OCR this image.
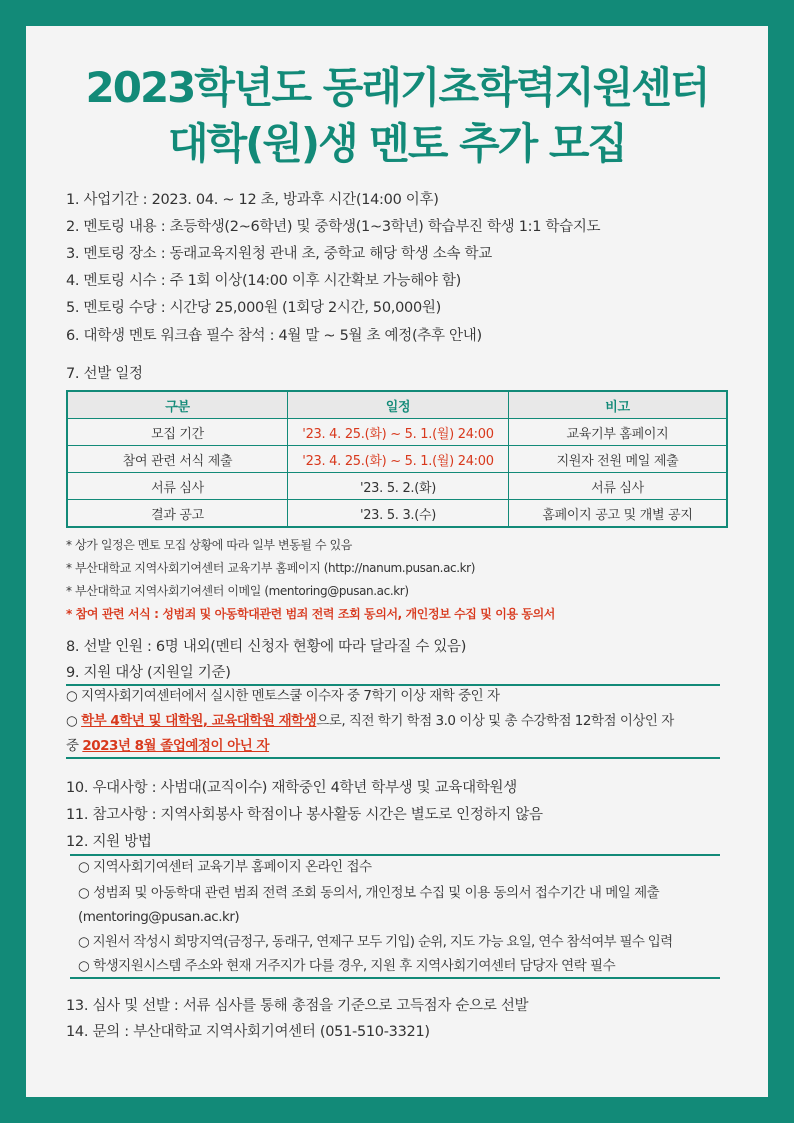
2023학년도 동래기초학력지원센터
대학(원)생 멘토 추가 모집
1. 사업기간 : 2023. 04. ~ 12 초, 방과후 시간(14:00 이후)
2. 멘토링 내용 : 초등학생(2~6학년) 및 중학생(1~3학년) 학습부진 학생 1:1 학습지도
3. 멘토링 장소 : 동래교육지원청 관내 초, 중학교 해당 학생 소속 학교
4. 멘토링 시수 : 주 1회 이상(14:00 이후 시간확보 가능해야 함)
5. 멘토링 수당 : 시간당 25,000원 (1회당 2시간, 50,000원)
6. 대학생 멘토 워크숍 필수 참석 : 4월 말 ~ 5월 초 예정(추후 안내)
7. 선발 일정
구분	일정	비고
모집 기간	'23. 4. 25.(화) ~ 5. 1.(월) 24:00	교육기부 홈페이지
참여 관련 서식 제출	'23. 4. 25.(화) ~ 5. 1.(월) 24:00	지원자 전원 메일 제출
서류 심사	'23. 5. 2.(화)	서류 심사
결과 공고	'23. 5. 3.(수)	홈페이지 공고 및 개별 공지
* 상가 일정은 멘토 모집 상황에 따라 일부 변동될 수 있음
* 부산대학교 지역사회기여센터 교육기부 홈페이지 (http://nanum.pusan.ac.kr)
* 부산대학교 지역사회기여센터 이메일 (mentoring@pusan.ac.kr)
* 참여 관련 서식 : 성범죄 및 아동학대관련 범죄 전력 조회 동의서, 개인정보 수집 및 이용 동의서
8. 선발 인원 : 6명 내외(멘티 신청자 현황에 따라 달라질 수 있음)
9. 지원 대상 (지원일 기준)
○ 지역사회기여센터에서 실시한 멘토스쿨 이수자 중 7학기 이상 재학 중인 자
○ 학부 4학년 및 대학원, 교육대학원 재학생으로, 직전 학기 학점 3.0 이상 및 총 수강학점 12학점 이상인 자
중 2023년 8월 졸업예정이 아닌 자
10. 우대사항 : 사범대(교직이수) 재학중인 4학년 학부생 및 교육대학원생
11. 참고사항 : 지역사회봉사 학점이나 봉사활동 시간은 별도로 인정하지 않음
12. 지원 방법
○ 지역사회기여센터 교육기부 홈페이지 온라인 접수
○ 성범죄 및 아동학대 관련 범죄 전력 조회 동의서, 개인정보 수집 및 이용 동의서 접수기간 내 메일 제출
(mentoring@pusan.ac.kr)
○ 지원서 작성시 희망지역(금정구, 동래구, 연제구 모두 기입) 순위, 지도 가능 요일, 연수 참석여부 필수 입력
○ 학생지원시스템 주소와 현재 거주지가 다를 경우, 지원 후 지역사회기여센터 담당자 연락 필수
13. 심사 및 선발 : 서류 심사를 통해 총점을 기준으로 고득점자 순으로 선발
14. 문의 : 부산대학교 지역사회기여센터 (051-510-3321)
